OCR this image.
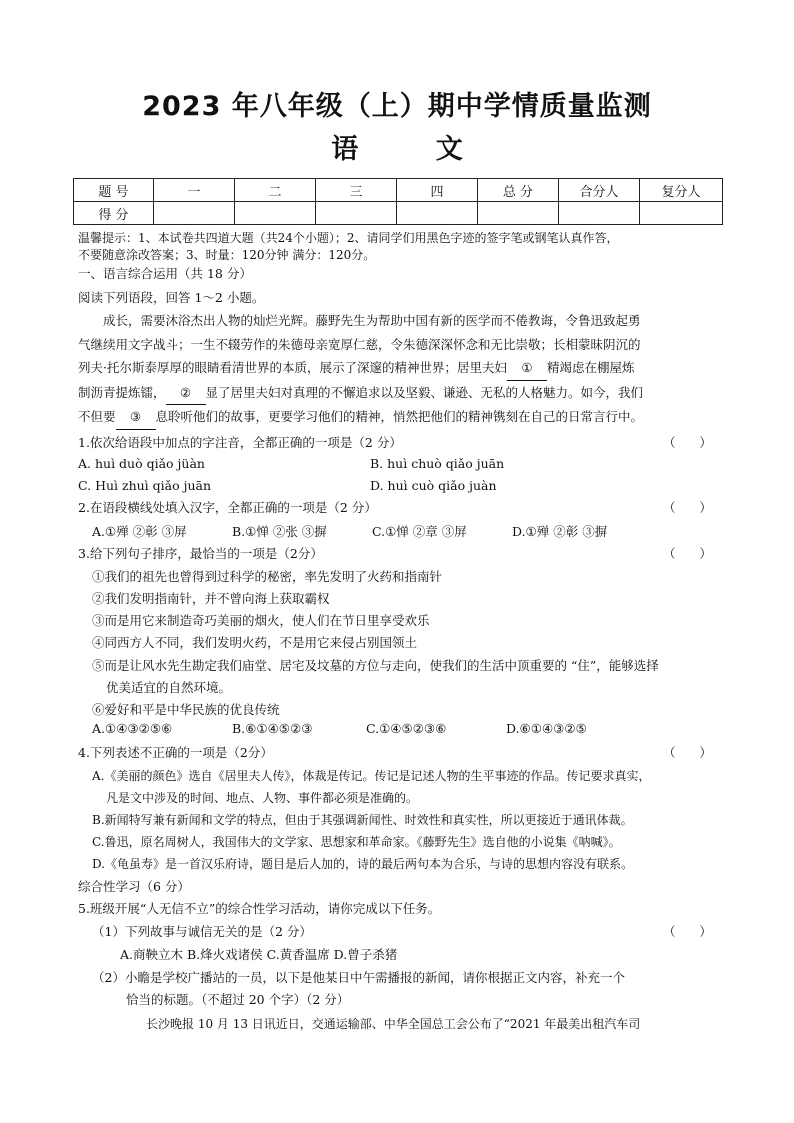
2023 年八年级（上）期中学情质量监测
语 文
题 号	一	二	三	四	总 分	合分人	复分人
得 分							
温馨提示：1、本试卷共四道大题（共24个小题）；2、请同学们用黑色字迹的签字笔或钢笔认真作答，
不要随意涂改答案；3、时量：120分钟 满分：120分。
一、语言综合运用（共 18 分）
阅读下列语段，回答 1～2 小题。
成长，需要沐浴杰出人物的灿烂光辉。藤野先生为帮助中国有新的医学而不倦教诲，令鲁迅致起勇
气继续用文字战斗；一生不辍劳作的朱德母亲宽厚仁慈，令朱德深深怀念和无比崇敬；长相蒙昧阴沉的
列夫·托尔斯泰厚厚的眼睛看清世界的本质，展示了深邃的精神世界；居里夫妇 ① 精竭虑在棚屋炼
制沥青提炼镭， ② 显了居里夫妇对真理的不懈追求以及坚毅、谦逊、无私的人格魅力。如今，我们
不但要 ③ 息聆听他们的故事，更要学习他们的精神，悄然把他们的精神镌刻在自己的日常言行中。
1.依次给语段中加点的字注音，全都正确的一项是（2 分）	（      ）
A. huì duò qiǎo jüàn	B. huì chuò qiǎo juān
C. Huì zhuì qiǎo juān	D. huì cuò qiǎo juàn
2.在语段横线处填入汉字，全都正确的一项是（2 分）	（      ）
A.①殚 ②彰 ③屏	B.①惮 ②张 ③摒	C.①惮 ②章 ③屏	D.①殚 ②彰 ③摒
3.给下列句子排序，最恰当的一项是（2分）	（      ）
①我们的祖先也曾得到过科学的秘密，率先发明了火药和指南针
②我们发明指南针，并不曾向海上获取霸权
③而是用它来制造奇巧美丽的烟火，使人们在节日里享受欢乐
④同西方人不同，我们发明火药，不是用它来侵占别国领土
⑤而是让风水先生勘定我们庙堂、居宅及坟墓的方位与走向，使我们的生活中顶重要的 “住”，能够选择
优美适宜的自然环境。
⑥爱好和平是中华民族的优良传统
A.①④③②⑤⑥	B.⑥①④⑤②③	C.①④⑤②③⑥	D.⑥①④③②⑤
4.下列表述不正确的一项是（2分）	（      ）
A.《美丽的颜色》选自《居里夫人传》，体裁是传记。传记是记述人物的生平事迹的作品。传记要求真实，
凡是文中涉及的时间、地点、人物、事件都必须是准确的。
B.新闻特写兼有新闻和文学的特点，但由于其强调新闻性、时效性和真实性，所以更接近于通讯体裁。
C.鲁迅，原名周树人，我国伟大的文学家、思想家和革命家。《藤野先生》选自他的小说集《呐喊》。
D.《龟虽寿》是一首汉乐府诗，题目是后人加的，诗的最后两句本为合乐，与诗的思想内容没有联系。
综合性学习（6 分）
5.班级开展“人无信不立”的综合性学习活动，请你完成以下任务。
（1）下列故事与诚信无关的是（2 分）	（      ）
A.商鞅立木 B.烽火戏诸侯 C.黄香温席 D.曾子杀猪
（2）小瞻是学校广播站的一员，以下是他某日中午需播报的新闻，请你根据正文内容，补充一个
恰当的标题。（不超过 20 个字）（2 分）
长沙晚报 10 月 13 日讯近日，交通运输部、中华全国总工会公布了“2021 年最美出租汽车司
